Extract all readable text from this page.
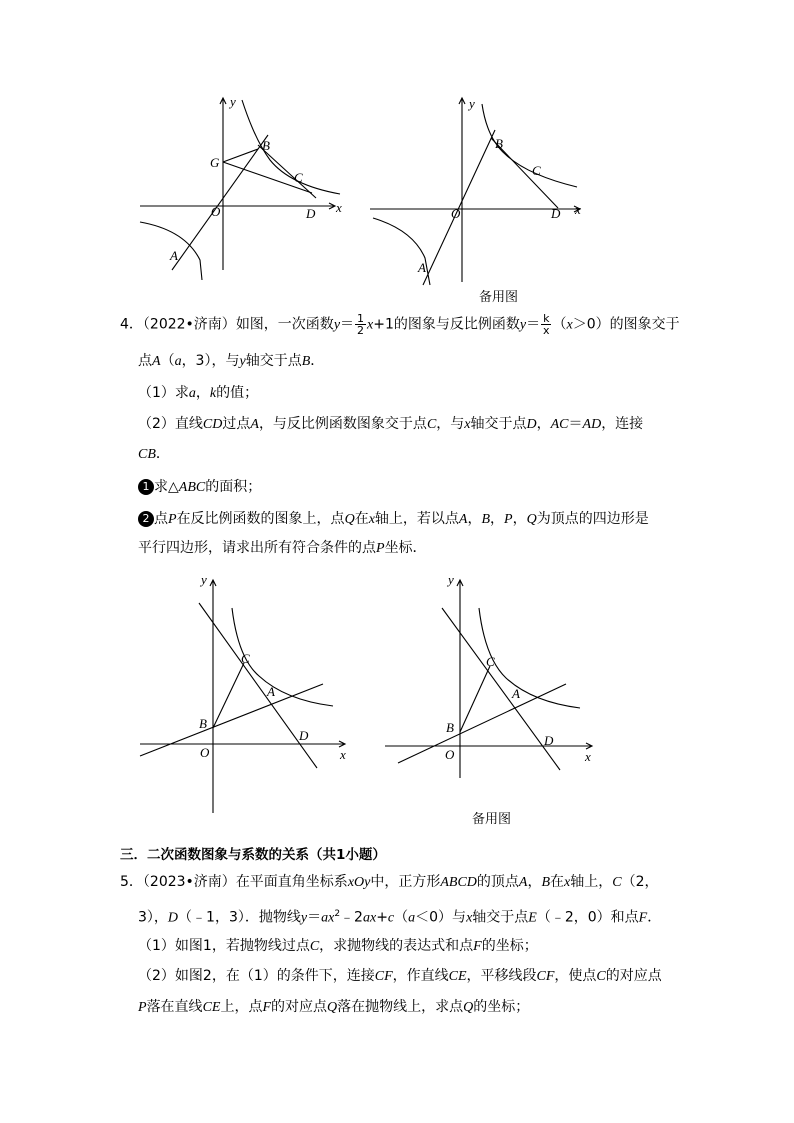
y
x
G
B
C
O	D
A
y
x
B
C
O	D
A
备用图
4．（2022•济南）如图，一次函数$y= \frac{1}{2} x+1$的图象与反比例函数$y= \frac{k}{x} (x>0)$的图象交于
点A（a，3），与y轴交于点B．
（1）求a，k的值；
（2）直线CD过点A，与反比例函数图象交于点C，与x轴交于点D，AC＝AD，连接
CB．
1 求△ABC的面积；
2 点P在反比例函数的图象上，点Q在x轴上，若以点A，B，P，Q为顶点的四边形是
平行四边形，请求出所有符合条件的点P坐标．
y
x
C
A
B
O
D
y
x
C
A
B
O
D
备用图
三．二次函数图象与系数的关系（共1小题）
5．（2023•济南）在平面直角坐标系xOy中，正方形ABCD的顶点A，B在x轴上，C（2，
3），D（﹣1，3）．抛物线$y=ax^2﹣2ax+c(a<0)$与x轴交于点E（﹣2，0）和点F．
（1）如图1，若抛物线过点C，求抛物线的表达式和点F的坐标；
（2）如图2，在（1）的条件下，连接CF，作直线CE，平移线段CF，使点C的对应点
P落在直线CE上，点F的对应点Q落在抛物线上，求点Q的坐标；
